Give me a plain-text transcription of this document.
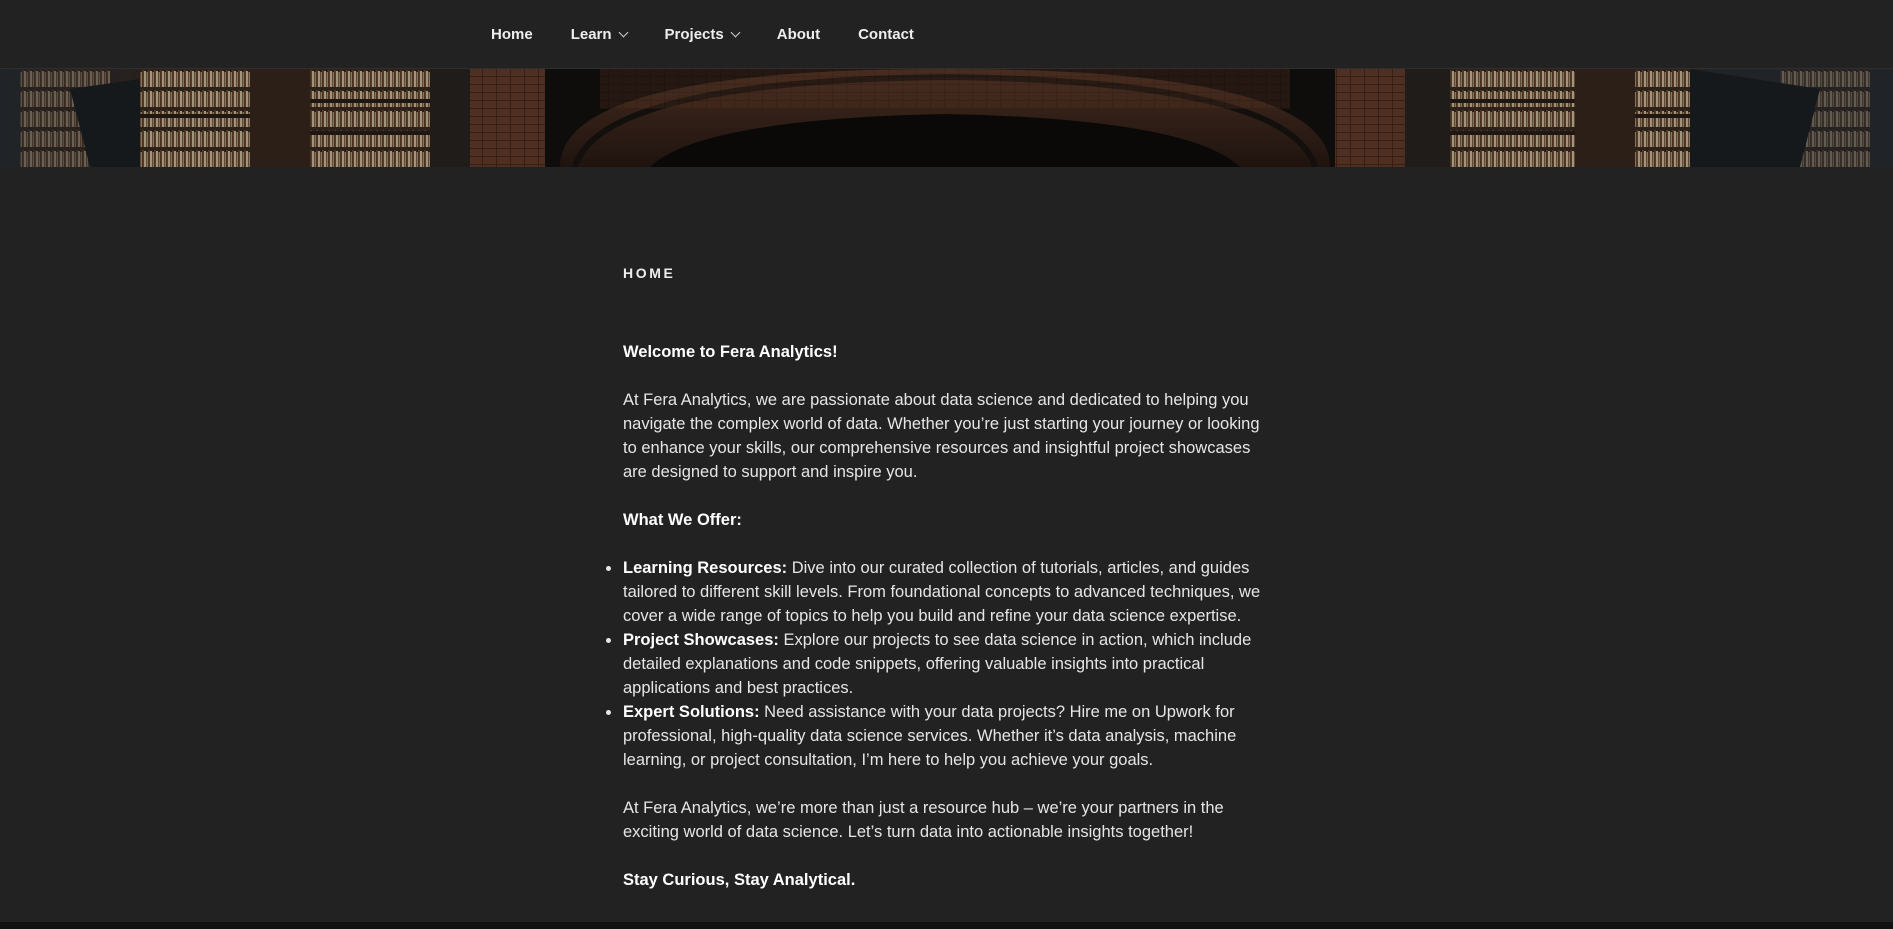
Home	Learn	Projects	About	Contact
HOME

Welcome to Fera Analytics!

At Fera Analytics, we are passionate about data science and dedicated to helping you navigate the complex world of data. Whether you’re just starting your journey or looking to enhance your skills, our comprehensive resources and insightful project showcases are designed to support and inspire you.

What We Offer:

Learning Resources: Dive into our curated collection of tutorials, articles, and guides tailored to different skill levels. From foundational concepts to advanced techniques, we cover a wide range of topics to help you build and refine your data science expertise.
Project Showcases: Explore our projects to see data science in action, which include detailed explanations and code snippets, offering valuable insights into practical applications and best practices.
Expert Solutions: Need assistance with your data projects? Hire me on Upwork for professional, high-quality data science services. Whether it’s data analysis, machine learning, or project consultation, I’m here to help you achieve your goals.

At Fera Analytics, we’re more than just a resource hub – we’re your partners in the exciting world of data science. Let’s turn data into actionable insights together!

Stay Curious, Stay Analytical.
